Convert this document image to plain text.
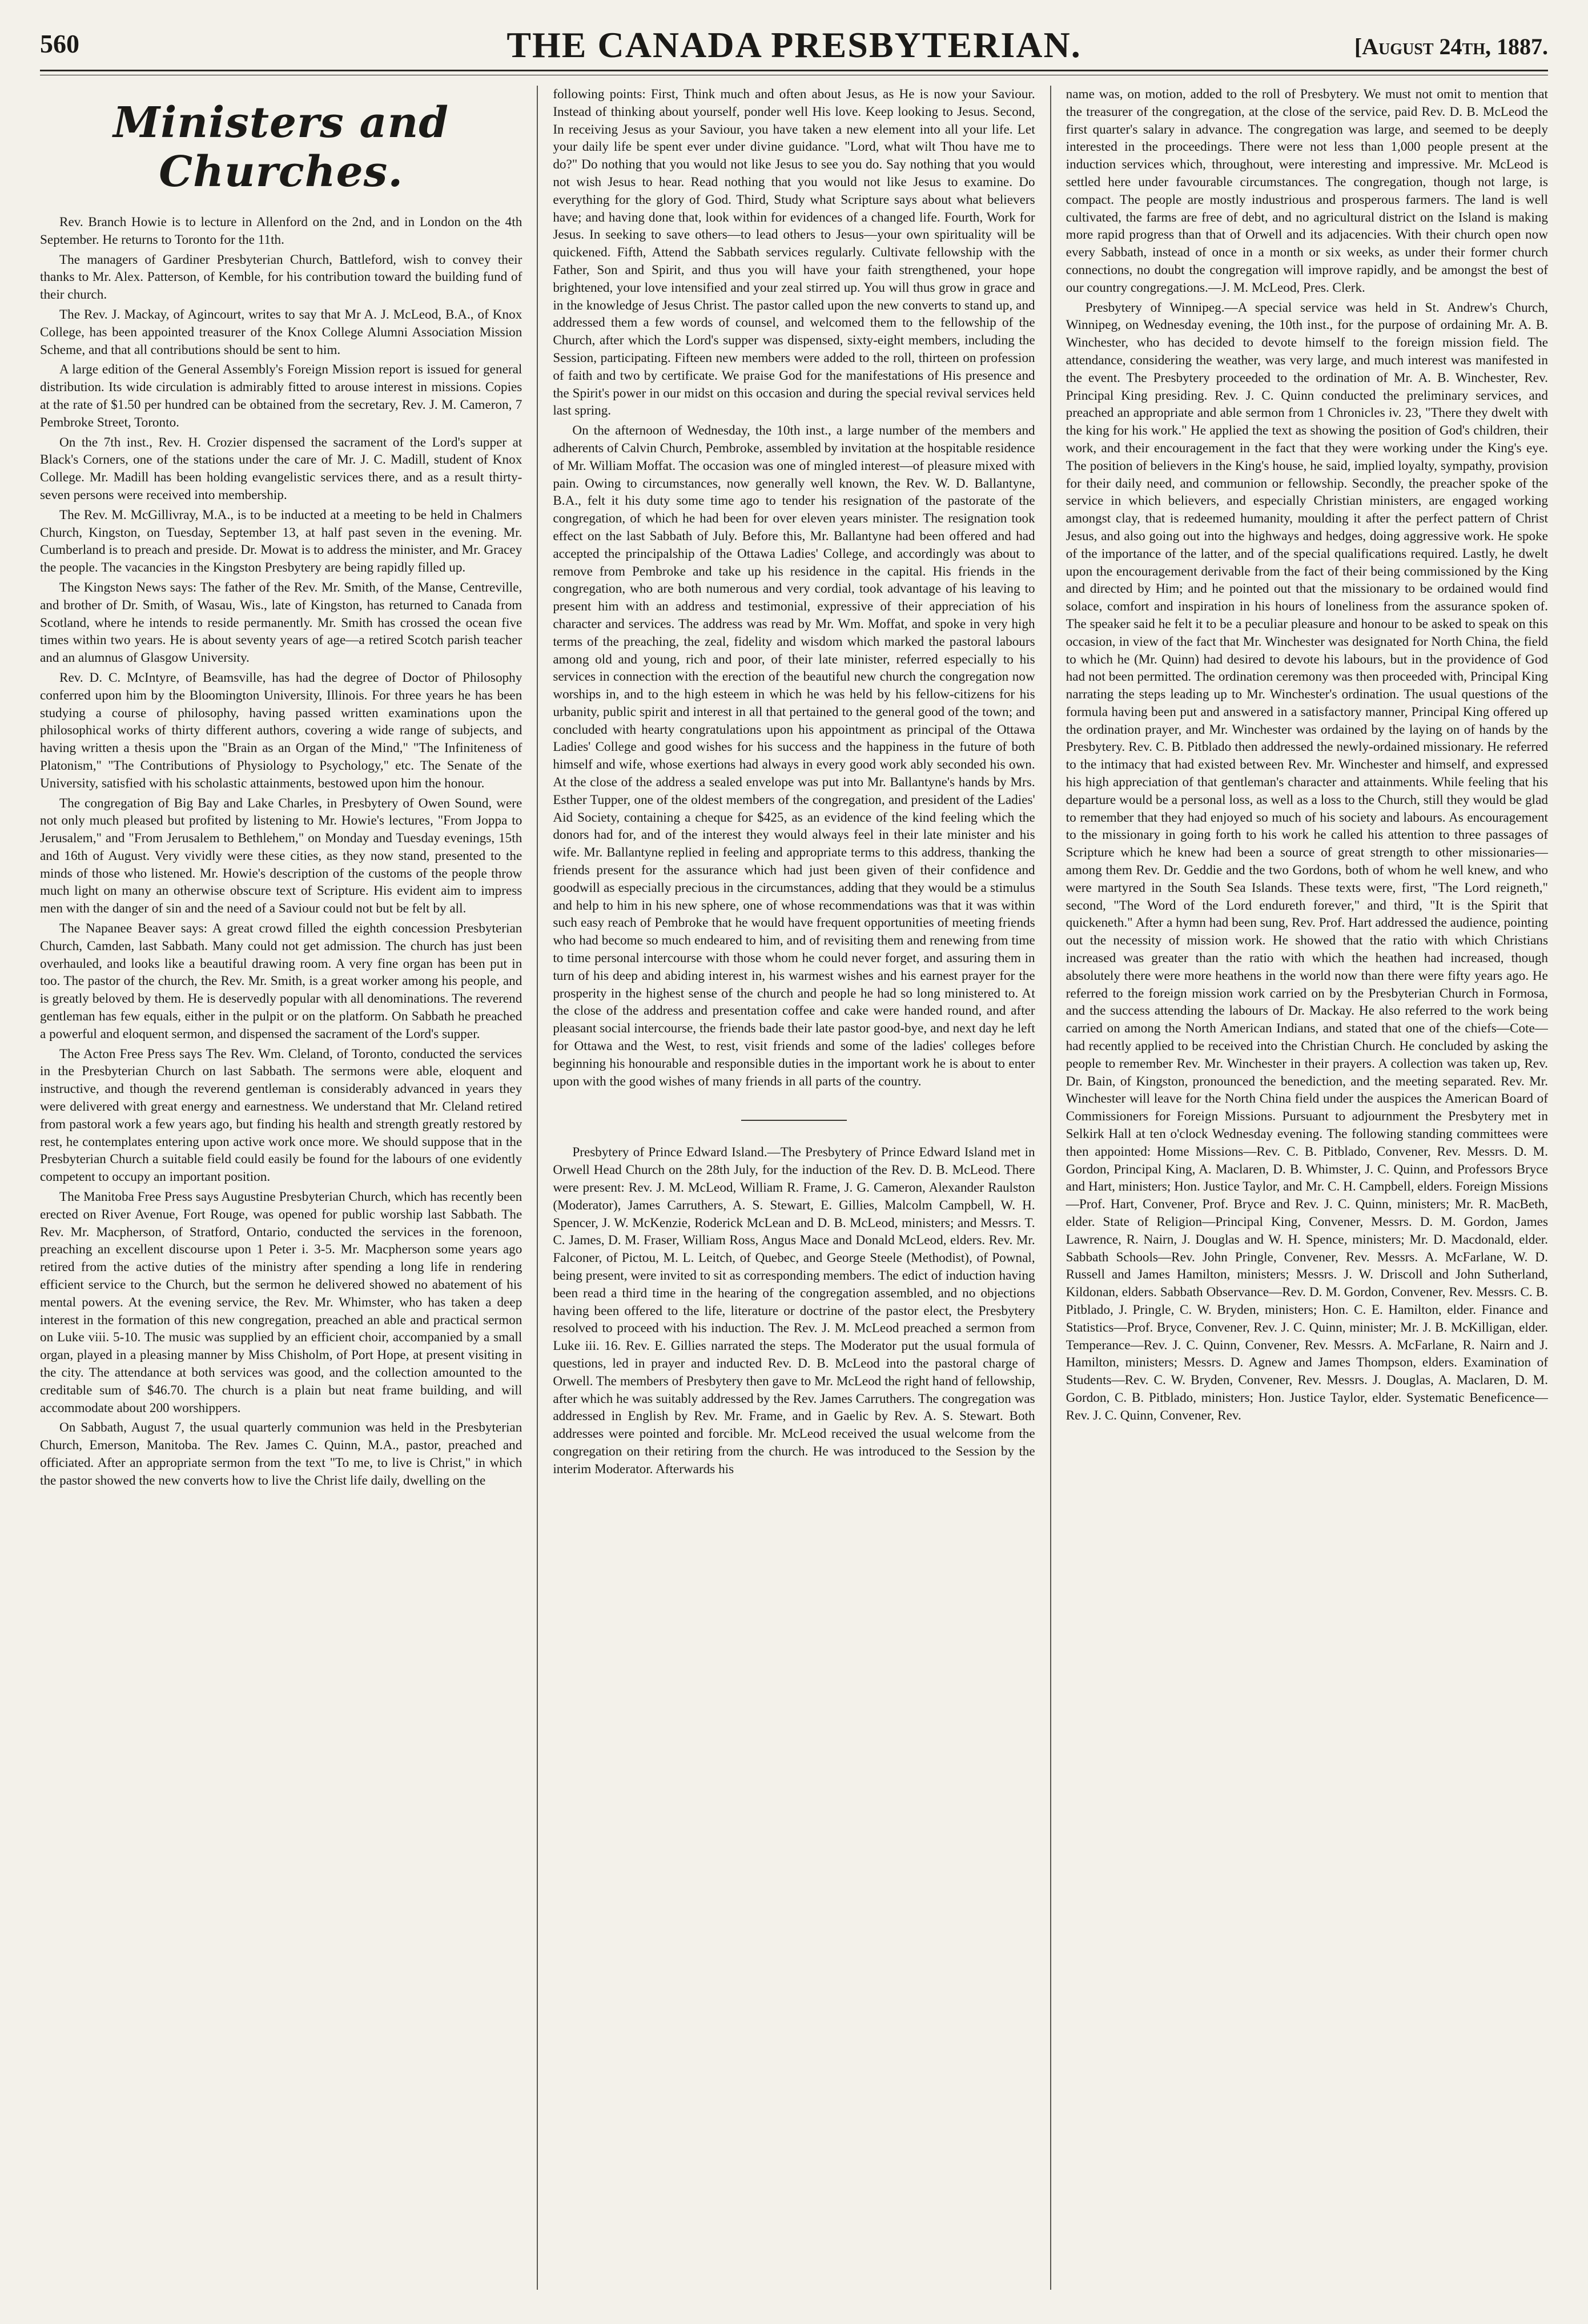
560	THE CANADA PRESBYTERIAN.	[August 24th, 1887.
Ministers and Churches.

Rev. Branch Howie is to lecture in Allenford on the 2nd, and in London on the 4th September. He returns to Toronto for the 11th.

The managers of Gardiner Presbyterian Church, Battleford, wish to convey their thanks to Mr. Alex. Patterson, of Kemble, for his contribution toward the building fund of their church.

The Rev. J. Mackay, of Agincourt, writes to say that Mr A. J. McLeod, B.A., of Knox College, has been appointed treasurer of the Knox College Alumni Association Mission Scheme, and that all contributions should be sent to him.

A large edition of the General Assembly's Foreign Mission report is issued for general distribution. Its wide circulation is admirably fitted to arouse interest in missions. Copies at the rate of $1.50 per hundred can be obtained from the secretary, Rev. J. M. Cameron, 7 Pembroke Street, Toronto.

On the 7th inst., Rev. H. Crozier dispensed the sacrament of the Lord's supper at Black's Corners, one of the stations under the care of Mr. J. C. Madill, student of Knox College. Mr. Madill has been holding evangelistic services there, and as a result thirty-seven persons were received into membership.

The Rev. M. McGillivray, M.A., is to be inducted at a meeting to be held in Chalmers Church, Kingston, on Tuesday, September 13, at half past seven in the evening. Mr. Cumberland is to preach and preside. Dr. Mowat is to address the minister, and Mr. Gracey the people. The vacancies in the Kingston Presbytery are being rapidly filled up.

The Kingston News says: The father of the Rev. Mr. Smith, of the Manse, Centreville, and brother of Dr. Smith, of Wasau, Wis., late of Kingston, has returned to Canada from Scotland, where he intends to reside permanently. Mr. Smith has crossed the ocean five times within two years. He is about seventy years of age—a retired Scotch parish teacher and an alumnus of Glasgow University.

Rev. D. C. McIntyre, of Beamsville, has had the degree of Doctor of Philosophy conferred upon him by the Bloomington University, Illinois. For three years he has been studying a course of philosophy, having passed written examinations upon the philosophical works of thirty different authors, covering a wide range of subjects, and having written a thesis upon the "Brain as an Organ of the Mind," "The Infiniteness of Platonism," "The Contributions of Physiology to Psychology," etc. The Senate of the University, satisfied with his scholastic attainments, bestowed upon him the honour.

The congregation of Big Bay and Lake Charles, in Presbytery of Owen Sound, were not only much pleased but profited by listening to Mr. Howie's lectures, "From Joppa to Jerusalem," and "From Jerusalem to Bethlehem," on Monday and Tuesday evenings, 15th and 16th of August. Very vividly were these cities, as they now stand, presented to the minds of those who listened. Mr. Howie's description of the customs of the people throw much light on many an otherwise obscure text of Scripture. His evident aim to impress men with the danger of sin and the need of a Saviour could not but be felt by all.

The Napanee Beaver says: A great crowd filled the eighth concession Presbyterian Church, Camden, last Sabbath. Many could not get admission. The church has just been overhauled, and looks like a beautiful drawing room. A very fine organ has been put in too. The pastor of the church, the Rev. Mr. Smith, is a great worker among his people, and is greatly beloved by them. He is deservedly popular with all denominations. The reverend gentleman has few equals, either in the pulpit or on the platform. On Sabbath he preached a powerful and eloquent sermon, and dispensed the sacrament of the Lord's supper.

The Acton Free Press says The Rev. Wm. Cleland, of Toronto, conducted the services in the Presbyterian Church on last Sabbath. The sermons were able, eloquent and instructive, and though the reverend gentleman is considerably advanced in years they were delivered with great energy and earnestness. We understand that Mr. Cleland retired from pastoral work a few years ago, but finding his health and strength greatly restored by rest, he contemplates entering upon active work once more. We should suppose that in the Presbyterian Church a suitable field could easily be found for the labours of one evidently competent to occupy an important position.

The Manitoba Free Press says Augustine Presbyterian Church, which has recently been erected on River Avenue, Fort Rouge, was opened for public worship last Sabbath. The Rev. Mr. Macpherson, of Stratford, Ontario, conducted the services in the forenoon, preaching an excellent discourse upon 1 Peter i. 3-5. Mr. Macpherson some years ago retired from the active duties of the ministry after spending a long life in rendering efficient service to the Church, but the sermon he delivered showed no abatement of his mental powers. At the evening service, the Rev. Mr. Whimster, who has taken a deep interest in the formation of this new congregation, preached an able and practical sermon on Luke viii. 5-10. The music was supplied by an efficient choir, accompanied by a small organ, played in a pleasing manner by Miss Chisholm, of Port Hope, at present visiting in the city. The attendance at both services was good, and the collection amounted to the creditable sum of $46.70. The church is a plain but neat frame building, and will accommodate about 200 worshippers.

On Sabbath, August 7, the usual quarterly communion was held in the Presbyterian Church, Emerson, Manitoba. The Rev. James C. Quinn, M.A., pastor, preached and officiated. After an appropriate sermon from the text "To me, to live is Christ," in which the pastor showed the new converts how to live the Christ life daily, dwelling on the

following points: First, Think much and often about Jesus, as He is now your Saviour. Instead of thinking about yourself, ponder well His love. Keep looking to Jesus. Second, In receiving Jesus as your Saviour, you have taken a new element into all your life. Let your daily life be spent ever under divine guidance. "Lord, what wilt Thou have me to do?" Do nothing that you would not like Jesus to see you do. Say nothing that you would not wish Jesus to hear. Read nothing that you would not like Jesus to examine. Do everything for the glory of God. Third, Study what Scripture says about what believers have; and having done that, look within for evidences of a changed life. Fourth, Work for Jesus. In seeking to save others—to lead others to Jesus—your own spirituality will be quickened. Fifth, Attend the Sabbath services regularly. Cultivate fellowship with the Father, Son and Spirit, and thus you will have your faith strengthened, your hope brightened, your love intensified and your zeal stirred up. You will thus grow in grace and in the knowledge of Jesus Christ. The pastor called upon the new converts to stand up, and addressed them a few words of counsel, and welcomed them to the fellowship of the Church, after which the Lord's supper was dispensed, sixty-eight members, including the Session, participating. Fifteen new members were added to the roll, thirteen on profession of faith and two by certificate. We praise God for the manifestations of His presence and the Spirit's power in our midst on this occasion and during the special revival services held last spring.

On the afternoon of Wednesday, the 10th inst., a large number of the members and adherents of Calvin Church, Pembroke, assembled by invitation at the hospitable residence of Mr. William Moffat. The occasion was one of mingled interest—of pleasure mixed with pain. Owing to circumstances, now generally well known, the Rev. W. D. Ballantyne, B.A., felt it his duty some time ago to tender his resignation of the pastorate of the congregation, of which he had been for over eleven years minister. The resignation took effect on the last Sabbath of July. Before this, Mr. Ballantyne had been offered and had accepted the principalship of the Ottawa Ladies' College, and accordingly was about to remove from Pembroke and take up his residence in the capital. His friends in the congregation, who are both numerous and very cordial, took advantage of his leaving to present him with an address and testimonial, expressive of their appreciation of his character and services. The address was read by Mr. Wm. Moffat, and spoke in very high terms of the preaching, the zeal, fidelity and wisdom which marked the pastoral labours among old and young, rich and poor, of their late minister, referred especially to his services in connection with the erection of the beautiful new church the congregation now worships in, and to the high esteem in which he was held by his fellow-citizens for his urbanity, public spirit and interest in all that pertained to the general good of the town; and concluded with hearty congratulations upon his appointment as principal of the Ottawa Ladies' College and good wishes for his success and the happiness in the future of both himself and wife, whose exertions had always in every good work ably seconded his own. At the close of the address a sealed envelope was put into Mr. Ballantyne's hands by Mrs. Esther Tupper, one of the oldest members of the congregation, and president of the Ladies' Aid Society, containing a cheque for $425, as an evidence of the kind feeling which the donors had for, and of the interest they would always feel in their late minister and his wife. Mr. Ballantyne replied in feeling and appropriate terms to this address, thanking the friends present for the assurance which had just been given of their confidence and goodwill as especially precious in the circumstances, adding that they would be a stimulus and help to him in his new sphere, one of whose recommendations was that it was within such easy reach of Pembroke that he would have frequent opportunities of meeting friends who had become so much endeared to him, and of revisiting them and renewing from time to time personal intercourse with those whom he could never forget, and assuring them in turn of his deep and abiding interest in, his warmest wishes and his earnest prayer for the prosperity in the highest sense of the church and people he had so long ministered to. At the close of the address and presentation coffee and cake were handed round, and after pleasant social intercourse, the friends bade their late pastor good-bye, and next day he left for Ottawa and the West, to rest, visit friends and some of the ladies' colleges before beginning his honourable and responsible duties in the important work he is about to enter upon with the good wishes of many friends in all parts of the country.

Presbytery of Prince Edward Island.—The Presbytery of Prince Edward Island met in Orwell Head Church on the 28th July, for the induction of the Rev. D. B. McLeod. There were present: Rev. J. M. McLeod, William R. Frame, J. G. Cameron, Alexander Raulston (Moderator), James Carruthers, A. S. Stewart, E. Gillies, Malcolm Campbell, W. H. Spencer, J. W. McKenzie, Roderick McLean and D. B. McLeod, ministers; and Messrs. T. C. James, D. M. Fraser, William Ross, Angus Mace and Donald McLeod, elders. Rev. Mr. Falconer, of Pictou, M. L. Leitch, of Quebec, and George Steele (Methodist), of Pownal, being present, were invited to sit as corresponding members. The edict of induction having been read a third time in the hearing of the congregation assembled, and no objections having been offered to the life, literature or doctrine of the pastor elect, the Presbytery resolved to proceed with his induction. The Rev. J. M. McLeod preached a sermon from Luke iii. 16. Rev. E. Gillies narrated the steps. The Moderator put the usual formula of questions, led in prayer and inducted Rev. D. B. McLeod into the pastoral charge of Orwell. The members of Presbytery then gave to Mr. McLeod the right hand of fellowship, after which he was suitably addressed by the Rev. James Carruthers. The congregation was addressed in English by Rev. Mr. Frame, and in Gaelic by Rev. A. S. Stewart. Both addresses were pointed and forcible. Mr. McLeod received the usual welcome from the congregation on their retiring from the church. He was introduced to the Session by the interim Moderator. Afterwards his

name was, on motion, added to the roll of Presbytery. We must not omit to mention that the treasurer of the congregation, at the close of the service, paid Rev. D. B. McLeod the first quarter's salary in advance. The congregation was large, and seemed to be deeply interested in the proceedings. There were not less than 1,000 people present at the induction services which, throughout, were interesting and impressive. Mr. McLeod is settled here under favourable circumstances. The congregation, though not large, is compact. The people are mostly industrious and prosperous farmers. The land is well cultivated, the farms are free of debt, and no agricultural district on the Island is making more rapid progress than that of Orwell and its adjacencies. With their church open now every Sabbath, instead of once in a month or six weeks, as under their former church connections, no doubt the congregation will improve rapidly, and be amongst the best of our country congregations.—J. M. McLeod, Pres. Clerk.

Presbytery of Winnipeg.—A special service was held in St. Andrew's Church, Winnipeg, on Wednesday evening, the 10th inst., for the purpose of ordaining Mr. A. B. Winchester, who has decided to devote himself to the foreign mission field. The attendance, considering the weather, was very large, and much interest was manifested in the event. The Presbytery proceeded to the ordination of Mr. A. B. Winchester, Rev. Principal King presiding. Rev. J. C. Quinn conducted the preliminary services, and preached an appropriate and able sermon from 1 Chronicles iv. 23, "There they dwelt with the king for his work." He applied the text as showing the position of God's children, their work, and their encouragement in the fact that they were working under the King's eye. The position of believers in the King's house, he said, implied loyalty, sympathy, provision for their daily need, and communion or fellowship. Secondly, the preacher spoke of the service in which believers, and especially Christian ministers, are engaged working amongst clay, that is redeemed humanity, moulding it after the perfect pattern of Christ Jesus, and also going out into the highways and hedges, doing aggressive work. He spoke of the importance of the latter, and of the special qualifications required. Lastly, he dwelt upon the encouragement derivable from the fact of their being commissioned by the King and directed by Him; and he pointed out that the missionary to be ordained would find solace, comfort and inspiration in his hours of loneliness from the assurance spoken of. The speaker said he felt it to be a peculiar pleasure and honour to be asked to speak on this occasion, in view of the fact that Mr. Winchester was designated for North China, the field to which he (Mr. Quinn) had desired to devote his labours, but in the providence of God had not been permitted. The ordination ceremony was then proceeded with, Principal King narrating the steps leading up to Mr. Winchester's ordination. The usual questions of the formula having been put and answered in a satisfactory manner, Principal King offered up the ordination prayer, and Mr. Winchester was ordained by the laying on of hands by the Presbytery. Rev. C. B. Pitblado then addressed the newly-ordained missionary. He referred to the intimacy that had existed between Rev. Mr. Winchester and himself, and expressed his high appreciation of that gentleman's character and attainments. While feeling that his departure would be a personal loss, as well as a loss to the Church, still they would be glad to remember that they had enjoyed so much of his society and labours. As encouragement to the missionary in going forth to his work he called his attention to three passages of Scripture which he knew had been a source of great strength to other missionaries—among them Rev. Dr. Geddie and the two Gordons, both of whom he well knew, and who were martyred in the South Sea Islands. These texts were, first, "The Lord reigneth," second, "The Word of the Lord endureth forever," and third, "It is the Spirit that quickeneth." After a hymn had been sung, Rev. Prof. Hart addressed the audience, pointing out the necessity of mission work. He showed that the ratio with which Christians increased was greater than the ratio with which the heathen had increased, though absolutely there were more heathens in the world now than there were fifty years ago. He referred to the foreign mission work carried on by the Presbyterian Church in Formosa, and the success attending the labours of Dr. Mackay. He also referred to the work being carried on among the North American Indians, and stated that one of the chiefs—Cote—had recently applied to be received into the Christian Church. He concluded by asking the people to remember Rev. Mr. Winchester in their prayers. A collection was taken up, Rev. Dr. Bain, of Kingston, pronounced the benediction, and the meeting separated. Rev. Mr. Winchester will leave for the North China field under the auspices the American Board of Commissioners for Foreign Missions. Pursuant to adjournment the Presbytery met in Selkirk Hall at ten o'clock Wednesday evening. The following standing committees were then appointed: Home Missions—Rev. C. B. Pitblado, Convener, Rev. Messrs. D. M. Gordon, Principal King, A. Maclaren, D. B. Whimster, J. C. Quinn, and Professors Bryce and Hart, ministers; Hon. Justice Taylor, and Mr. C. H. Campbell, elders. Foreign Missions—Prof. Hart, Convener, Prof. Bryce and Rev. J. C. Quinn, ministers; Mr. R. MacBeth, elder. State of Religion—Principal King, Convener, Messrs. D. M. Gordon, James Lawrence, R. Nairn, J. Douglas and W. H. Spence, ministers; Mr. D. Macdonald, elder. Sabbath Schools—Rev. John Pringle, Convener, Rev. Messrs. A. McFarlane, W. D. Russell and James Hamilton, ministers; Messrs. J. W. Driscoll and John Sutherland, Kildonan, elders. Sabbath Observance—Rev. D. M. Gordon, Convener, Rev. Messrs. C. B. Pitblado, J. Pringle, C. W. Bryden, ministers; Hon. C. E. Hamilton, elder. Finance and Statistics—Prof. Bryce, Convener, Rev. J. C. Quinn, minister; Mr. J. B. McKilligan, elder. Temperance—Rev. J. C. Quinn, Convener, Rev. Messrs. A. McFarlane, R. Nairn and J. Hamilton, ministers; Messrs. D. Agnew and James Thompson, elders. Examination of Students—Rev. C. W. Bryden, Convener, Rev. Messrs. J. Douglas, A. Maclaren, D. M. Gordon, C. B. Pitblado, ministers; Hon. Justice Taylor, elder. Systematic Beneficence—Rev. J. C. Quinn, Convener, Rev.
